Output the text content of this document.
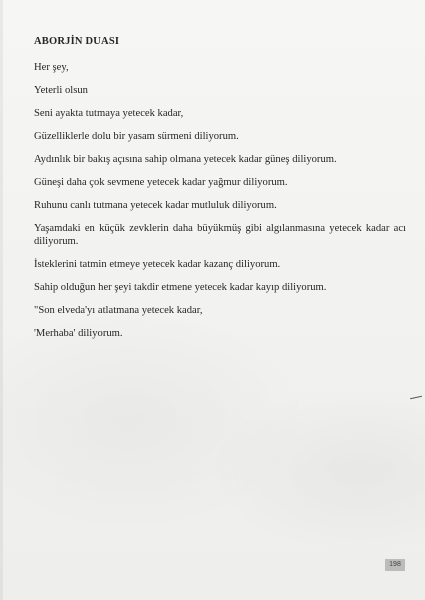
ABORJİN DUASI
Her şey,
Yeterli olsun
Seni ayakta tutmaya yetecek kadar,
Güzelliklerle dolu bir yasam sürmeni diliyorum.
Aydınlık bir bakış açısına sahip olmana yetecek kadar güneş diliyorum.
Güneşi daha çok sevmene yetecek kadar yağmur diliyorum.
Ruhunu canlı tutmana yetecek kadar mutluluk diliyorum.
Yaşamdaki en küçük zevklerin daha büyükmüş gibi algılanmasına yetecek kadar acı diliyorum.
İsteklerini tatmin etmeye yetecek kadar kazanç diliyorum.
Sahip olduğun her şeyi takdir etmene yetecek kadar kayıp diliyorum.
"Son elveda'yı atlatmana yetecek kadar,
'Merhaba' diliyorum.
198
